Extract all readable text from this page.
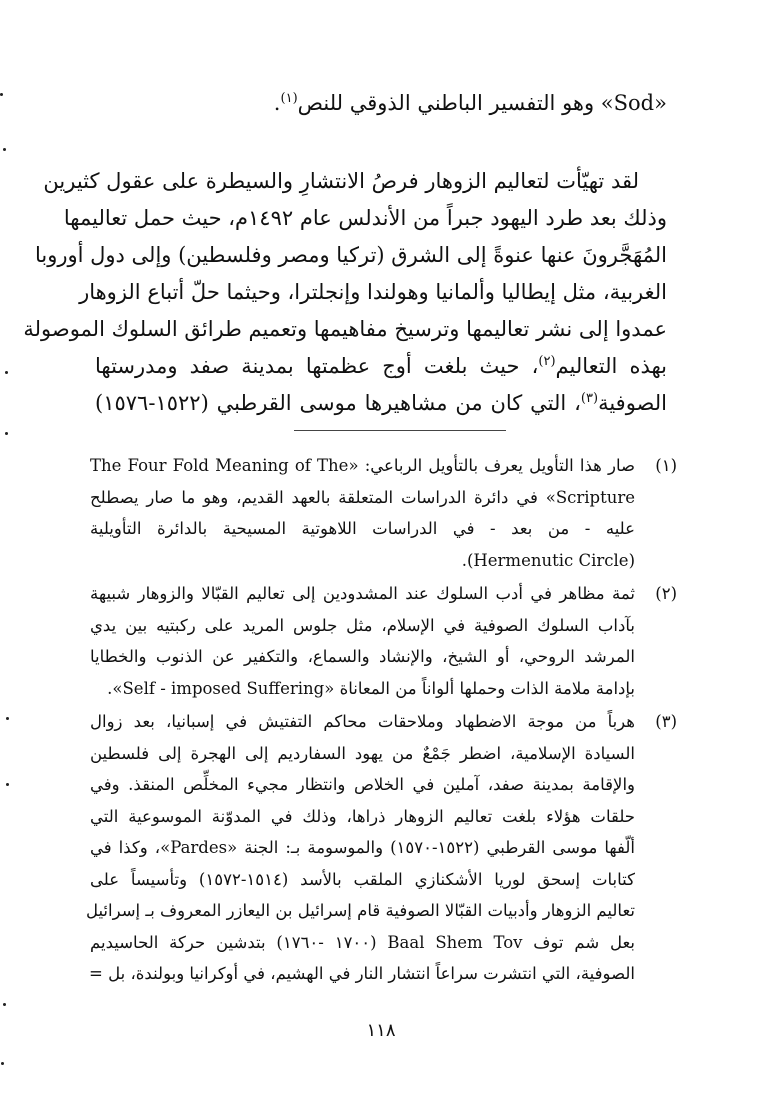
«Sod» وهو التفسير الباطني الذوقي للنص$^{(١)}$.

لقد تهيّأت لتعاليم الزوهار فرصُ الانتشارِ والسيطرة على عقول كثيرين
وذلك بعد طرد اليهود جبراً من الأندلس عام ١٤٩٢م، حيث حمل تعاليمها
المُهَجَّرونَ عنها عنوةً إلى الشرق (تركيا ومصر وفلسطين) وإلى دول أوروبا
الغربية، مثل إيطاليا وألمانيا وهولندا وإنجلترا، وحيثما حلّ أتباع الزوهار
عمدوا إلى نشر تعاليمها وترسيخ مفاهيمها وتعميم طرائق السلوك الموصولة
بهذه التعاليم$^{(٢)}$، حيث بلغت أوج عظمتها بمدينة صفد ومدرستها
الصوفية$^{(٣)}$، التي كان من مشاهيرها موسى القرطبي (١٥٢٢-١٥٧٦)

(١)
صار هذا التأويل يعرف بالتأويل الرباعي: «The Four Fold Meaning of The
Scripture» في دائرة الدراسات المتعلقة بالعهد القديم، وهو ما صار يصطلح
عليه - من بعد - في الدراسات اللاهوتية المسيحية بالدائرة التأويلية
(Hermenutic Circle).
(٢)
ثمة مظاهر في أدب السلوك عند المشدودين إلى تعاليم القبّالا والزوهار شبيهة
بآداب السلوك الصوفية في الإسلام، مثل جلوس المريد على ركبتيه بين يدي
المرشد الروحي، أو الشيخ، والإنشاد والسماع، والتكفير عن الذنوب والخطايا
بإدامة ملامة الذات وحملها ألواناً من المعاناة «Self - imposed Suffering».
(٣)
هرباً من موجة الاضطهاد وملاحقات محاكم التفتيش في إسبانيا، بعد زوال
السيادة الإسلامية، اضطر جَمْعٌ من يهود السفارديم إلى الهجرة إلى فلسطين
والإقامة بمدينة صفد، آملين في الخلاص وانتظار مجيء المخلِّص المنقذ. وفي
حلقات هؤلاء بلغت تعاليم الزوهار ذراها، وذلك في المدوّنة الموسوعية التي
ألّفها موسى القرطبي (١٥٢٢-١٥٧٠) والموسومة بـ: الجنة «Pardes»، وكذا في
كتابات إسحق لوريا الأشكنازي الملقب بالأسد (١٥١٤-١٥٧٢) وتأسيساً على
تعاليم الزوهار وأدبيات القبّالا الصوفية قام إسرائيل بن اليعازر المعروف بـ إسرائيل
بعل شم توف Baal Shem Tov (١٧٠٠ -١٧٦٠) بتدشين حركة الحاسيديم
الصوفية، التي انتشرت سراعاً انتشار النار في الهشيم، في أوكرانيا وبولندة، بل =
١١٨
